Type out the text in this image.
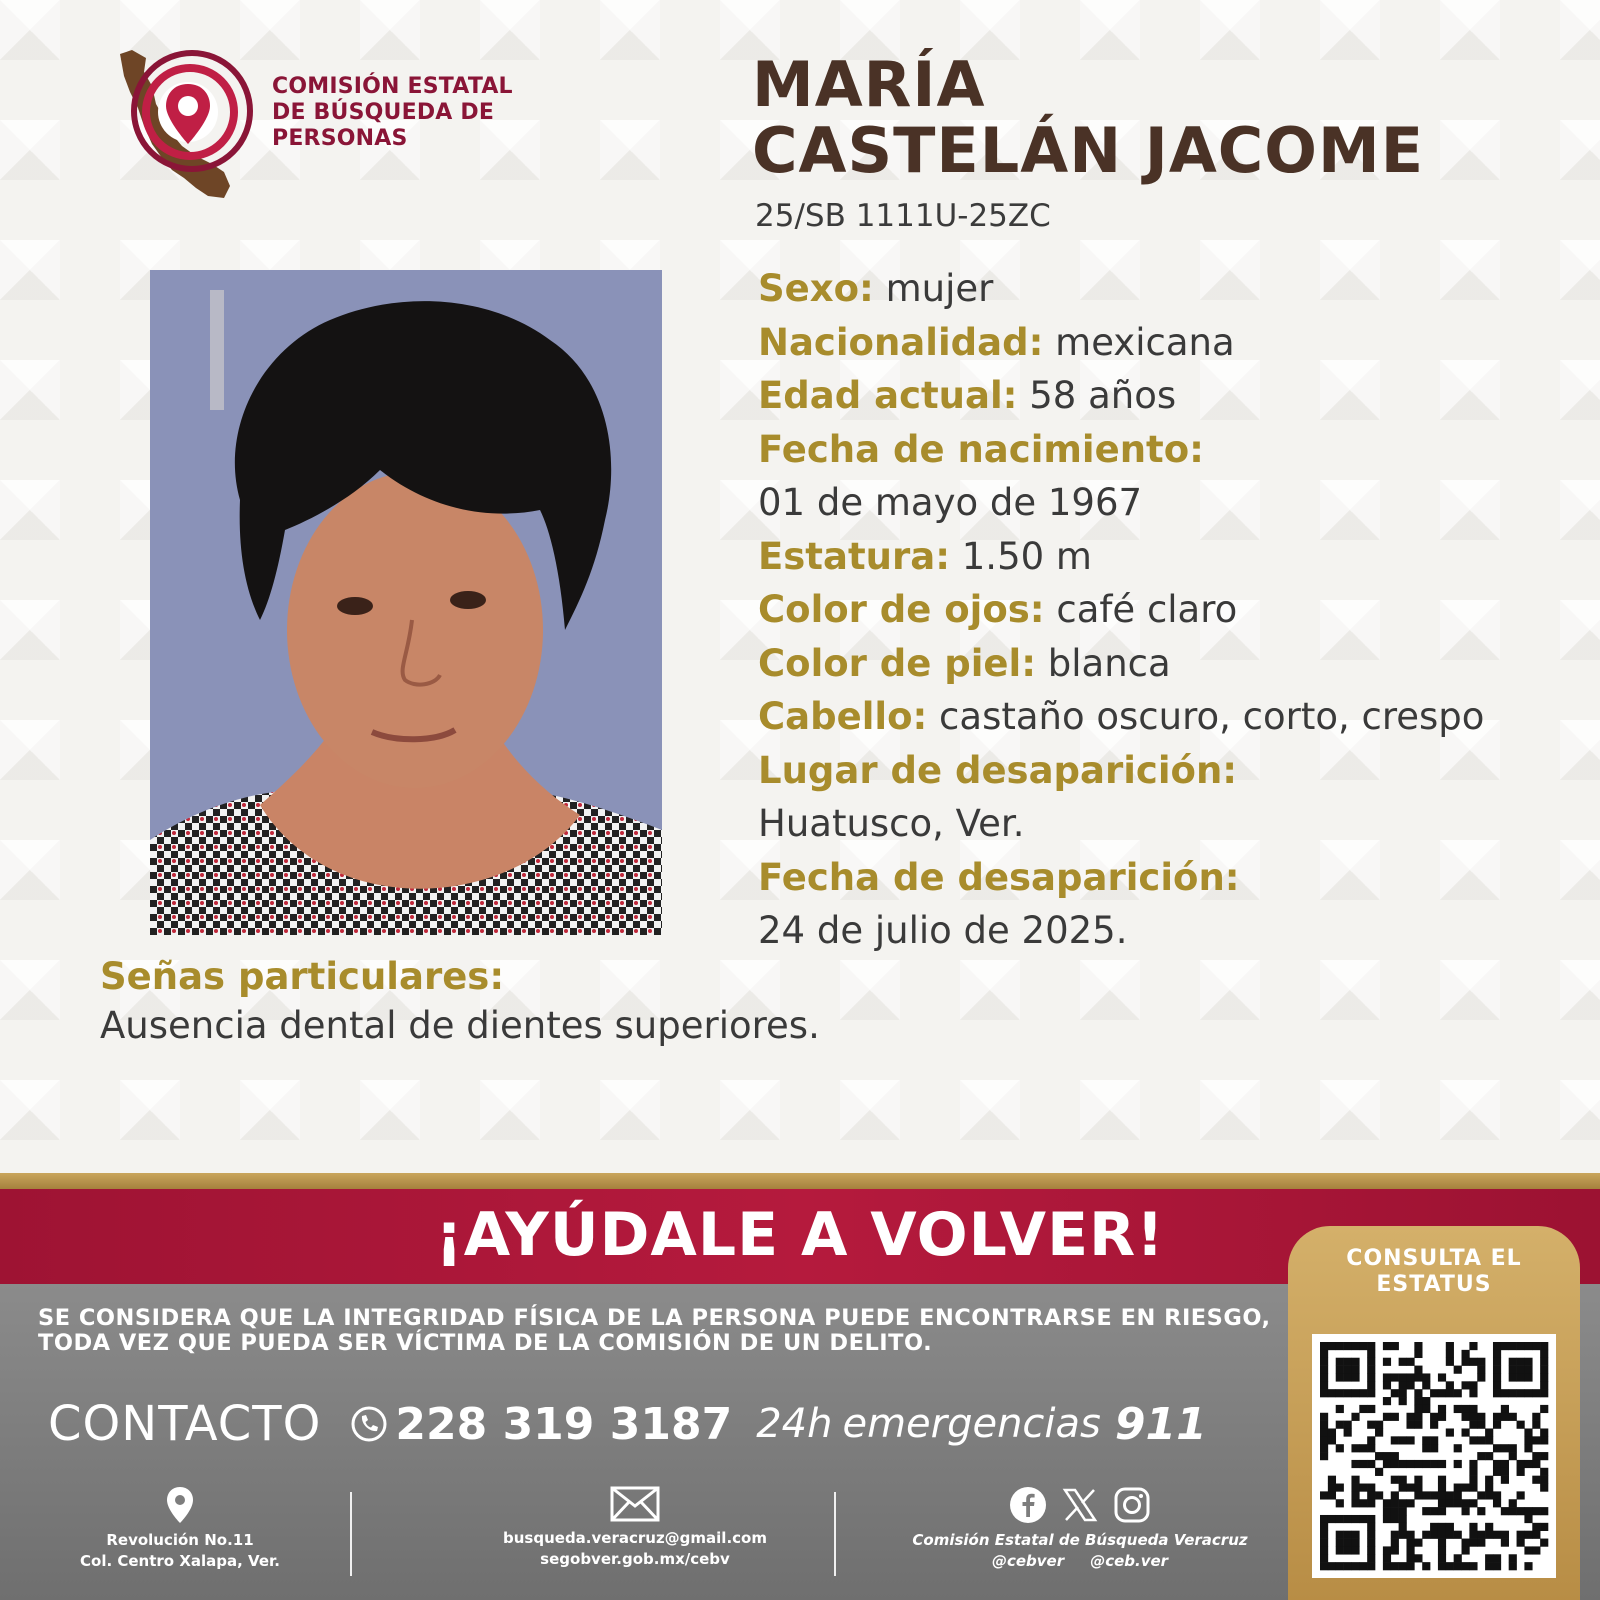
COMISIÓN ESTATAL
DE BÚSQUEDA DE
PERSONAS
MARÍA
CASTELÁN JACOME
25/SB 1111U-25ZC
Sexo: mujer
Nacionalidad: mexicana
Edad actual: 58 años
Fecha de nacimiento:
01 de mayo de 1967
Estatura: 1.50 m
Color de ojos: café claro
Color de piel: blanca
Cabello: castaño oscuro, corto, crespo
Lugar de desaparición:
Huatusco, Ver.
Fecha de desaparición:
24 de julio de 2025.
Señas particulares:
Ausencia dental de dientes superiores.
¡AYÚDALE A VOLVER!
SE CONSIDERA QUE LA INTEGRIDAD FÍSICA DE LA PERSONA PUEDE ENCONTRARSE EN RIESGO,
TODA VEZ QUE PUEDA SER VÍCTIMA DE LA COMISIÓN DE UN DELITO.
CONTACTO 228 319 3187 24h emergencias 911
Revolución No.11
Col. Centro Xalapa, Ver.
busqueda.veracruz@gmail.com
segobver.gob.mx/cebv
Comisión Estatal de Búsqueda Veracruz
@cebver     @ceb.ver
CONSULTA EL
ESTATUS
